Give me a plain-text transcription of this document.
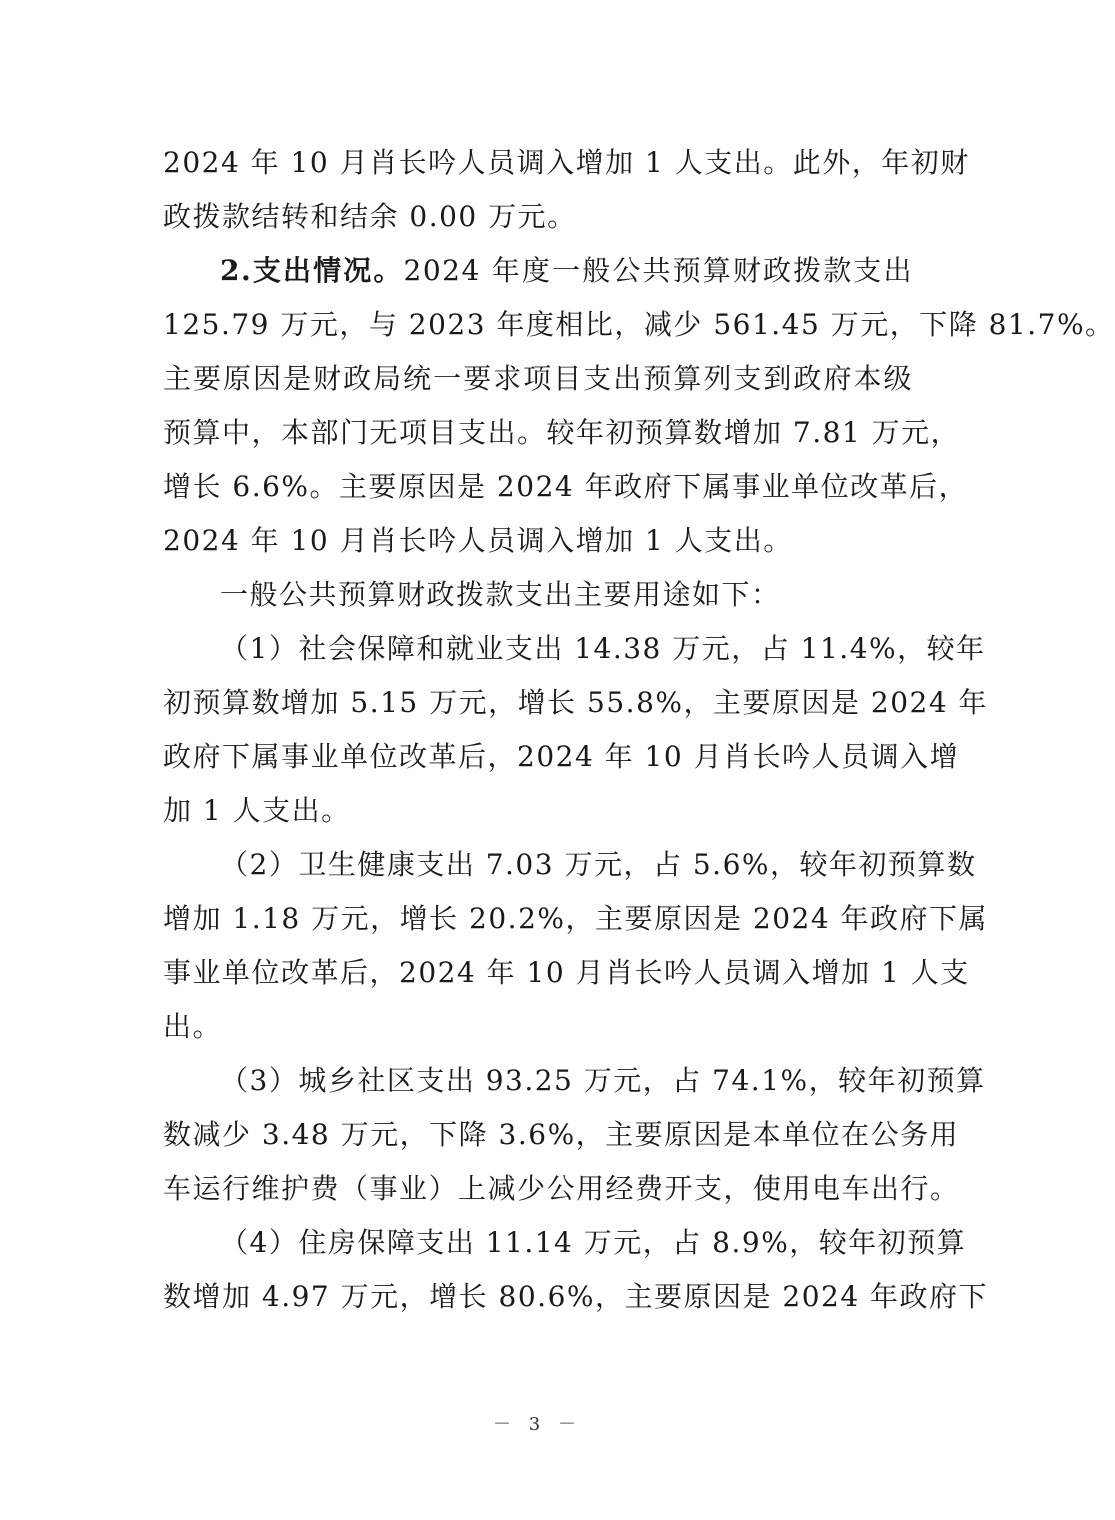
2024 年 10 月肖长吟人员调入增加 1 人支出。此外，年初财
政拨款结转和结余 0.00 万元。
2.支出情况。2024 年度一般公共预算财政拨款支出
125.79 万元，与 2023 年度相比，减少 561.45 万元，下降 81.7%。
主要原因是财政局统一要求项目支出预算列支到政府本级
预算中，本部门无项目支出。较年初预算数增加 7.81 万元，
增长 6.6%。主要原因是 2024 年政府下属事业单位改革后，
2024 年 10 月肖长吟人员调入增加 1 人支出。
一般公共预算财政拨款支出主要用途如下：
（1）社会保障和就业支出 14.38 万元，占 11.4%，较年
初预算数增加 5.15 万元，增长 55.8%，主要原因是 2024 年
政府下属事业单位改革后，2024 年 10 月肖长吟人员调入增
加 1 人支出。
（2）卫生健康支出 7.03 万元，占 5.6%，较年初预算数
增加 1.18 万元，增长 20.2%，主要原因是 2024 年政府下属
事业单位改革后，2024 年 10 月肖长吟人员调入增加 1 人支
出。
（3）城乡社区支出 93.25 万元，占 74.1%，较年初预算
数减少 3.48 万元，下降 3.6%，主要原因是本单位在公务用
车运行维护费（事业）上减少公用经费开支，使用电车出行。
（4）住房保障支出 11.14 万元，占 8.9%，较年初预算
数增加 4.97 万元，增长 80.6%，主要原因是 2024 年政府下
－ 3 －
